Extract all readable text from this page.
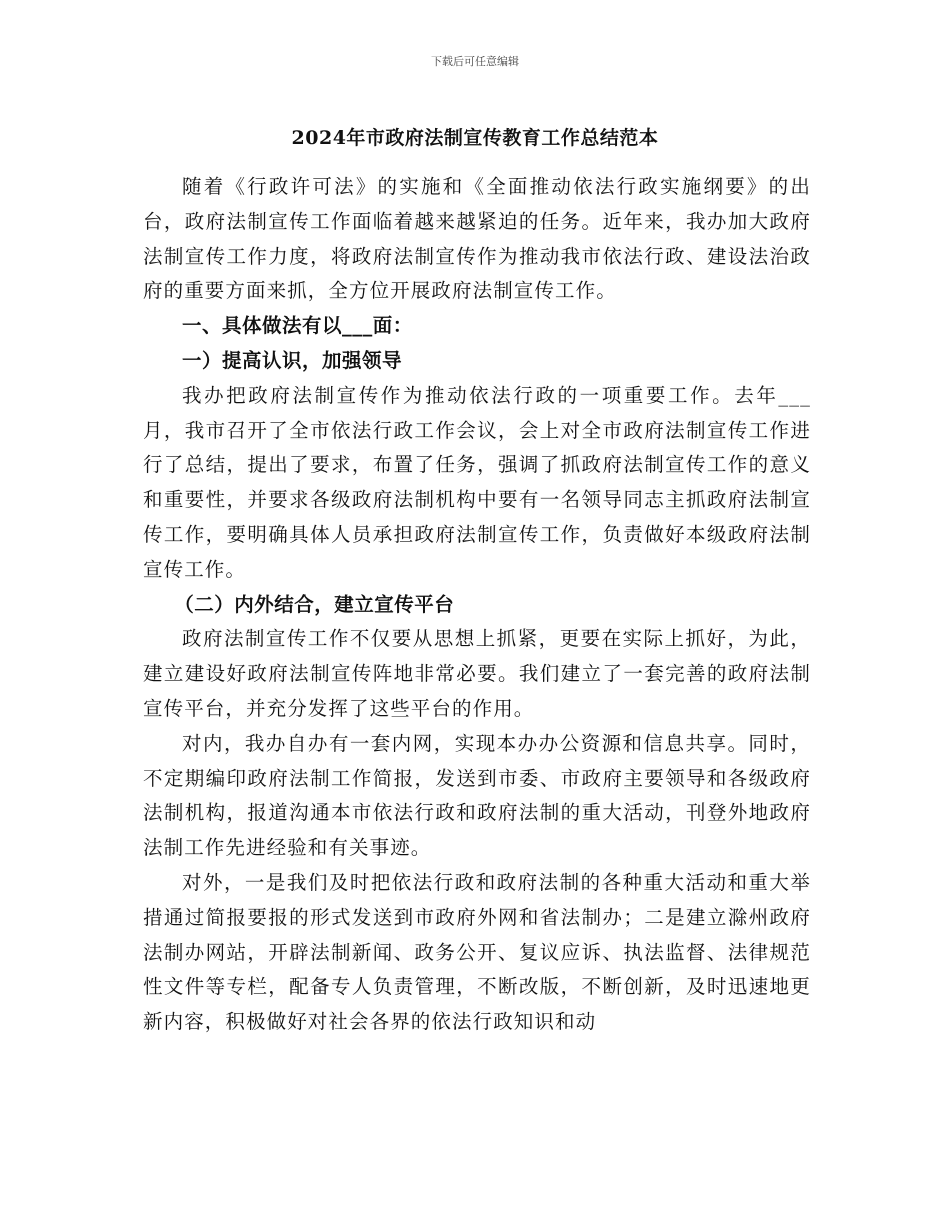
下载后可任意编辑
2024年市政府法制宣传教育工作总结范本

随着《行政许可法》的实施和《全面推动依法行政实施纲要》的出台，政府法制宣传工作面临着越来越紧迫的任务。近年来，我办加大政府法制宣传工作力度，将政府法制宣传作为推动我市依法行政、建设法治政府的重要方面来抓，全方位开展政府法制宣传工作。

一、具体做法有以___面：

一）提高认识，加强领导

我办把政府法制宣传作为推动依法行政的一项重要工作。去年___月，我市召开了全市依法行政工作会议，会上对全市政府法制宣传工作进行了总结，提出了要求，布置了任务，强调了抓政府法制宣传工作的意义和重要性，并要求各级政府法制机构中要有一名领导同志主抓政府法制宣传工作，要明确具体人员承担政府法制宣传工作，负责做好本级政府法制宣传工作。

（二）内外结合，建立宣传平台

政府法制宣传工作不仅要从思想上抓紧，更要在实际上抓好，为此，建立建设好政府法制宣传阵地非常必要。我们建立了一套完善的政府法制宣传平台，并充分发挥了这些平台的作用。

对内，我办自办有一套内网，实现本办办公资源和信息共享。同时，不定期编印政府法制工作简报，发送到市委、市政府主要领导和各级政府法制机构，报道沟通本市依法行政和政府法制的重大活动，刊登外地政府法制工作先进经验和有关事迹。

对外，一是我们及时把依法行政和政府法制的各种重大活动和重大举措通过简报要报的形式发送到市政府外网和省法制办；二是建立滁州政府法制办网站，开辟法制新闻、政务公开、复议应诉、执法监督、法律规范性文件等专栏，配备专人负责管理，不断改版，不断创新，及时迅速地更新内容，积极做好对社会各界的依法行政知识和动
